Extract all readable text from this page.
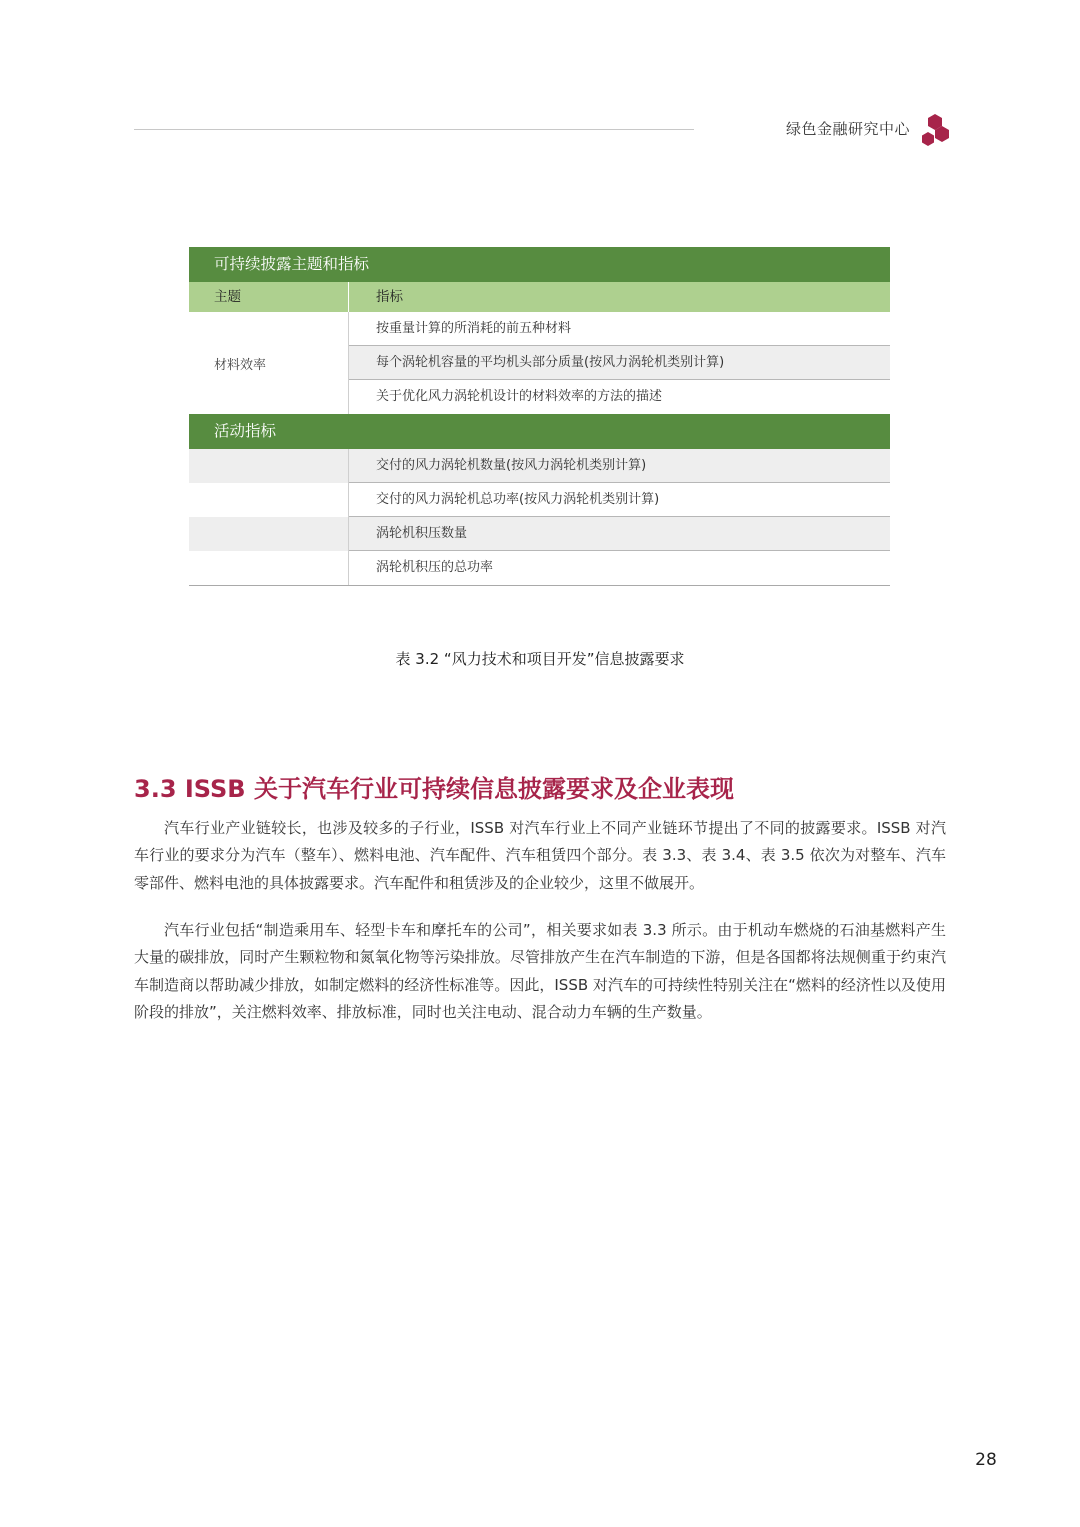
绿色金融研究中心
可持续披露主题和指标
主题	指标
材料效率
按重量计算的所消耗的前五种材料
每个涡轮机容量的平均机头部分质量(按风力涡轮机类别计算)
关于优化风力涡轮机设计的材料效率的方法的描述
活动指标
交付的风力涡轮机数量(按风力涡轮机类别计算)
交付的风力涡轮机总功率(按风力涡轮机类别计算)
涡轮机积压数量
涡轮机积压的总功率
表 3.2 “风力技术和项目开发”信息披露要求
3.3 ISSB 关于汽车行业可持续信息披露要求及企业表现
汽车行业产业链较长，也涉及较多的子行业，ISSB 对汽车行业上不同产业链环节提出了不同的披露要求。ISSB 对汽车行业的要求分为汽车（整车）、燃料电池、汽车配件、汽车租赁四个部分。表 3.3、表 3.4、表 3.5 依次为对整车、汽车零部件、燃料电池的具体披露要求。汽车配件和租赁涉及的企业较少，这里不做展开。
汽车行业包括“制造乘用车、轻型卡车和摩托车的公司”，相关要求如表 3.3 所示。由于机动车燃烧的石油基燃料产生大量的碳排放，同时产生颗粒物和氮氧化物等污染排放。尽管排放产生在汽车制造的下游，但是各国都将法规侧重于约束汽车制造商以帮助减少排放，如制定燃料的经济性标准等。因此，ISSB 对汽车的可持续性特别关注在“燃料的经济性以及使用阶段的排放”，关注燃料效率、排放标准，同时也关注电动、混合动力车辆的生产数量。
28
